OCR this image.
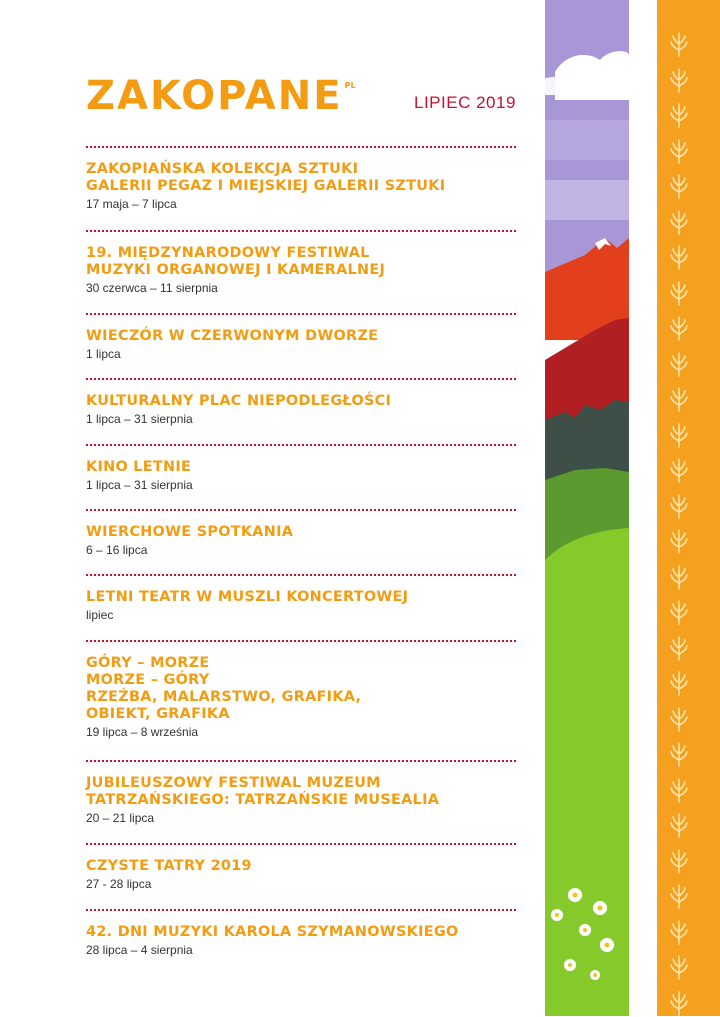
ZAKOPANE PL
LIPIEC 2019
ZAKOPIAŃSKA KOLEKCJA SZTUKI
GALERII PEGAZ I MIEJSKIEJ GALERII SZTUKI
17 maja – 7 lipca
19. MIĘDZYNARODOWY FESTIWAL
MUZYKI ORGANOWEJ I KAMERALNEJ
30 czerwca – 11 sierpnia
WIECZÓR W CZERWONYM DWORZE
1 lipca
KULTURALNY PLAC NIEPODLEGŁOŚCI
1 lipca – 31 sierpnia
KINO LETNIE
1 lipca – 31 sierpnia
WIERCHOWE SPOTKANIA
6 – 16 lipca
LETNI TEATR W MUSZLI KONCERTOWEJ
lipiec
GÓRY – MORZE
MORZE – GÓRY
RZEŹBA, MALARSTWO, GRAFIKA,
OBIEKT, GRAFIKA
19 lipca – 8 września
JUBILEUSZOWY FESTIWAL MUZEUM
TATRZAŃSKIEGO: TATRZAŃSKIE MUSEALIA
20 – 21 lipca
CZYSTE TATRY 2019
27 - 28 lipca
42. DNI MUZYKI KAROLA SZYMANOWSKIEGO
28 lipca – 4 sierpnia
